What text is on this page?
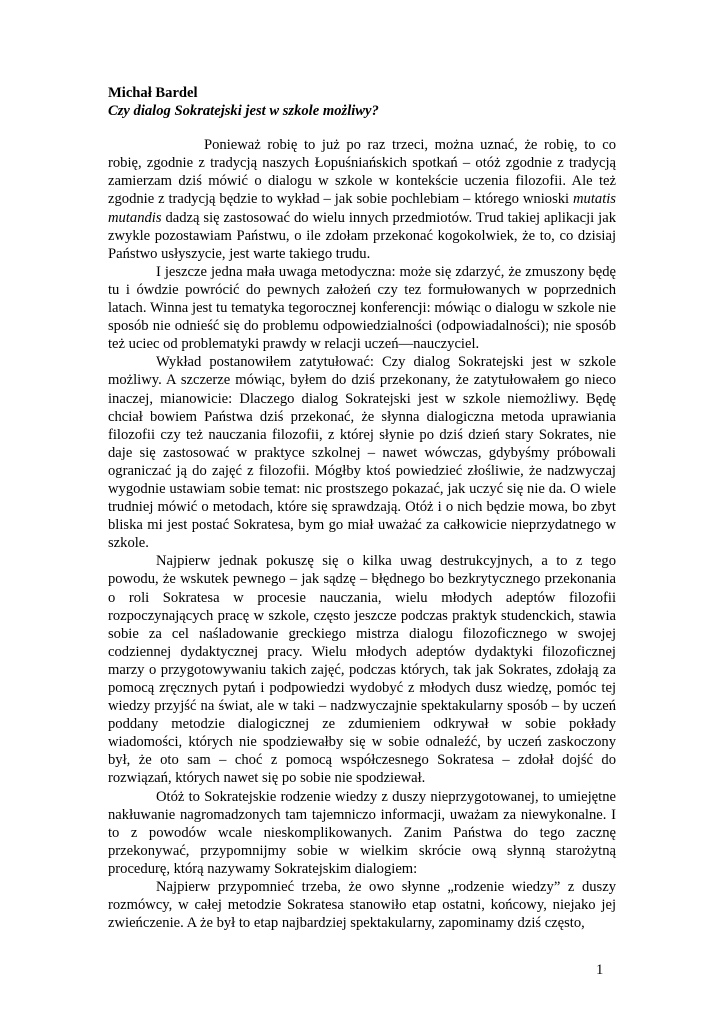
Michał Bardel

Czy dialog Sokratejski jest w szkole możliwy?

Ponieważ robię to już po raz trzeci, można uznać, że robię, to co robię, zgodnie z tradycją naszych Łopuśniańskich spotkań – otóż zgodnie z tradycją zamierzam dziś mówić o dialogu w szkole w kontekście uczenia filozofii. Ale też zgodnie z tradycją będzie to wykład – jak sobie pochlebiam – którego wnioski mutatis mutandis dadzą się zastosować do wielu innych przedmiotów. Trud takiej aplikacji jak zwykle pozostawiam Państwu, o ile zdołam przekonać kogokolwiek, że to, co dzisiaj Państwo usłyszycie, jest warte takiego trudu.

I jeszcze jedna mała uwaga metodyczna: może się zdarzyć, że zmuszony będę tu i ówdzie powrócić do pewnych założeń czy tez formułowanych w poprzednich latach. Winna jest tu tematyka tegorocznej konferencji: mówiąc o dialogu w szkole nie sposób nie odnieść się do problemu odpowiedzialności (odpowiadalności); nie sposób też uciec od problematyki prawdy w relacji uczeń—nauczyciel.

Wykład postanowiłem zatytułować: Czy dialog Sokratejski jest w szkole możliwy. A szczerze mówiąc, byłem do dziś przekonany, że zatytułowałem go nieco inaczej, mianowicie: Dlaczego dialog Sokratejski jest w szkole niemożliwy. Będę chciał bowiem Państwa dziś przekonać, że słynna dialogiczna metoda uprawiania filozofii czy też nauczania filozofii, z której słynie po dziś dzień stary Sokrates, nie daje się zastosować w praktyce szkolnej – nawet wówczas, gdybyśmy próbowali ograniczać ją do zajęć z filozofii. Mógłby ktoś powiedzieć złośliwie, że nadzwyczaj wygodnie ustawiam sobie temat: nic prostszego pokazać, jak uczyć się nie da. O wiele trudniej mówić o metodach, które się sprawdzają. Otóż i o nich będzie mowa, bo zbyt bliska mi jest postać Sokratesa, bym go miał uważać za całkowicie nieprzydatnego w szkole.

Najpierw jednak pokuszę się o kilka uwag destrukcyjnych, a to z tego powodu, że wskutek pewnego – jak sądzę – błędnego bo bezkrytycznego przekonania o roli Sokratesa w procesie nauczania, wielu młodych adeptów filozofii rozpoczynających pracę w szkole, często jeszcze podczas praktyk studenckich, stawia sobie za cel naśladowanie greckiego mistrza dialogu filozoficznego w swojej codziennej dydaktycznej pracy. Wielu młodych adeptów dydaktyki filozoficznej marzy o przygotowywaniu takich zajęć, podczas których, tak jak Sokrates, zdołają za pomocą zręcznych pytań i podpowiedzi wydobyć z młodych dusz wiedzę, pomóc tej wiedzy przyjść na świat, ale w taki – nadzwyczajnie spektakularny sposób – by uczeń poddany metodzie dialogicznej ze zdumieniem odkrywał w sobie pokłady wiadomości, których nie spodziewałby się w sobie odnaleźć, by uczeń zaskoczony był, że oto sam – choć z pomocą współczesnego Sokratesa – zdołał dojść do rozwiązań, których nawet się po sobie nie spodziewał.

Otóż to Sokratejskie rodzenie wiedzy z duszy nieprzygotowanej, to umiejętne nakłuwanie nagromadzonych tam tajemniczo informacji, uważam za niewykonalne. I to z powodów wcale nieskomplikowanych. Zanim Państwa do tego zacznę przekonywać, przypomnijmy sobie w wielkim skrócie ową słynną starożytną procedurę, którą nazywamy Sokratejskim dialogiem:

Najpierw przypomnieć trzeba, że owo słynne „rodzenie wiedzy” z duszy rozmówcy, w całej metodzie Sokratesa stanowiło etap ostatni, końcowy, niejako jej zwieńczenie. A że był to etap najbardziej spektakularny, zapominamy dziś często,

1
